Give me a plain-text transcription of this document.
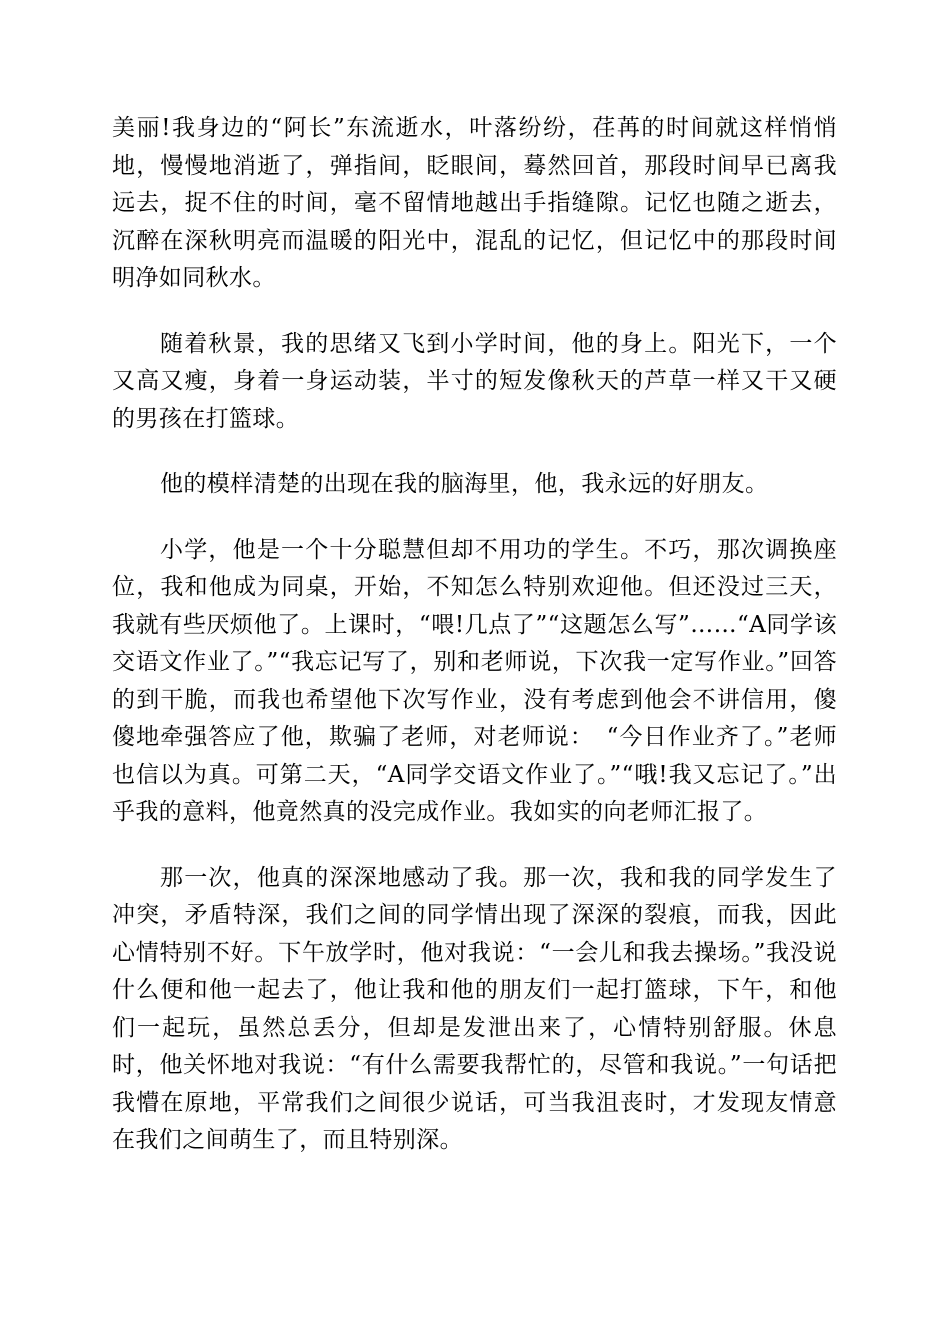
美丽!我身边的“阿长”东流逝水，叶落纷纷，荏苒的时间就这样悄悄地，慢慢地消逝了，弹指间，眨眼间，蓦然回首，那段时间早已离我远去，捉不住的时间，毫不留情地越出手指缝隙。记忆也随之逝去，沉醉在深秋明亮而温暖的阳光中，混乱的记忆，但记忆中的那段时间明净如同秋水。

随着秋景，我的思绪又飞到小学时间，他的身上。阳光下，一个又高又瘦，身着一身运动装，半寸的短发像秋天的芦草一样又干又硬的男孩在打篮球。

他的模样清楚的出现在我的脑海里，他，我永远的好朋友。

小学，他是一个十分聪慧但却不用功的学生。不巧，那次调换座位，我和他成为同桌，开始，不知怎么特别欢迎他。但还没过三天，我就有些厌烦他了。上课时，“喂!几点了”“这题怎么写”……“A同学该交语文作业了。”“我忘记写了，别和老师说，下次我一定写作业。”回答的到干脆，而我也希望他下次写作业，没有考虑到他会不讲信用，傻傻地牵强答应了他，欺骗了老师，对老师说：　“今日作业齐了。”老师也信以为真。可第二天，“A同学交语文作业了。”“哦!我又忘记了。”出乎我的意料，他竟然真的没完成作业。我如实的向老师汇报了。

那一次，他真的深深地感动了我。那一次，我和我的同学发生了冲突，矛盾特深，我们之间的同学情出现了深深的裂痕，而我，因此心情特别不好。下午放学时，他对我说：“一会儿和我去操场。”我没说什么便和他一起去了，他让我和他的朋友们一起打篮球，下午，和他们一起玩，虽然总丢分，但却是发泄出来了，心情特别舒服。休息时，他关怀地对我说：“有什么需要我帮忙的，尽管和我说。”一句话把我懵在原地，平常我们之间很少说话，可当我沮丧时，才发现友情意在我们之间萌生了，而且特别深。
